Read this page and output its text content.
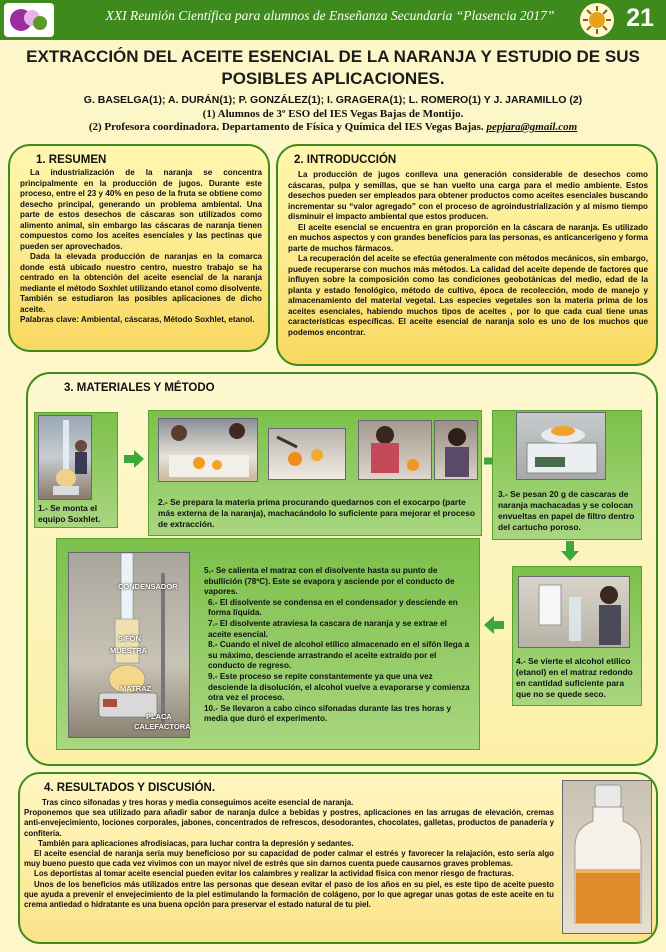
XXI Reunión Científica para alumnos de Enseñanza Secundaria “Plasencia 2017”	21
EXTRACCIÓN DEL ACEITE ESENCIAL DE LA NARANJA Y ESTUDIO DE SUS POSIBLES APLICACIONES.
G. BASELGA(1); A. DURÁN(1); P. GONZÁLEZ(1); I. GRAGERA(1); L. ROMERO(1) Y J. JARAMILLO (2)
(1) Alumnos de 3º ESO del IES Vegas Bajas de Montijo.
(2) Profesora coordinadora. Departamento de Física y Química del IES Vegas Bajas. pepjara@gmail.com
1. RESUMEN

La industrialización de la naranja se concentra principalmente en la producción de jugos. Durante este proceso, entre el 23 y 40% en peso de la fruta se obtiene como desecho principal, generando un problema ambiental. Una parte de estos desechos de cáscaras son utilizados como alimento animal, sin embargo las cáscaras de naranja tienen compuestos como los aceites esenciales y las pectinas que pueden ser aprovechados.

Dada la elevada producción de naranjas en la comarca donde está ubicado nuestro centro, nuestro trabajo se ha centrado en la obtención del aceite esencial de la naranja mediante el método Soxhlet utilizando etanol como disolvente. También se estudiaron las posibles aplicaciones de dicho aceite.

Palabras clave: Ambiental, cáscaras, Método Soxhlet, etanol.

2. INTRODUCCIÓN

La producción de jugos conlleva una generación considerable de desechos como cáscaras, pulpa y semillas, que se han vuelto una carga para el medio ambiente. Estos desechos pueden ser empleados para obtener productos como aceites esenciales buscando incrementar su “valor agregado” con el proceso de agroindustrialización y al mismo tiempo disminuir el impacto ambiental que estos producen.

El aceite esencial se encuentra en gran proporción en la cáscara de naranja. Es utilizado en muchos aspectos y con grandes beneficios para las personas, es anticancerígeno y forma parte de muchos fármacos.

La recuperación del aceite se efectúa generalmente con métodos mecánicos, sin embargo, puede recuperarse con muchos más métodos. La calidad del aceite depende de factores que influyen sobre la composición como las condiciones geobotánicas del medio, edad de la planta y estado fenológico, método de cultivo, época de recolección, modo de manejo y almacenamiento del material vegetal. Las especies vegetales son la materia prima de los aceites esenciales, habiendo muchos tipos de aceites , por lo que cada cual tiene unas características específicas. El aceite esencial de naranja solo es uno de los muchos que podemos encontrar.

3. MATERIALES Y MÉTODO
1.- Se monta el equipo Soxhlet.
2.- Se prepara la materia prima procurando quedarnos con el exocarpo (parte más externa de la naranja), machacándolo lo suficiente para mejorar el proceso de extracción.
3.- Se pesan 20 g de cascaras de naranja machacadas y se colocan envueltas en papel de filtro dentro del cartucho poroso.
4.- Se vierte el alcohol etílico (etanol) en el matraz redondo en cantidad suficiente para que no se quede seco.
CONDENSADOR
SIFÓN
MUESTRA
MATRAZ
PLACA
CALEFACTORA
5.- Se calienta el matraz con el disolvente hasta su punto de ebullición (78ºC). Este se evapora y asciende por el conducto de vapores.
6.- El disolvente se condensa en el condensador y desciende en forma líquida.
7.- El disolvente atraviesa la cascara de naranja y se extrae el aceite esencial.
8.- Cuando el nivel de alcohol etílico almacenado en el sifón llega a su máximo, desciende arrastrando el aceite extraído por el conducto de regreso.
9.- Este proceso se repite constantemente ya que una vez desciende la disolución, el alcohol vuelve a evaporarse y comienza otra vez el proceso.
10.- Se llevaron a cabo cinco sifonadas durante las tres horas y media que duró el experimento.
4. RESULTADOS Y DISCUSIÓN.

Tras cinco sifonadas y tres horas y media conseguimos aceite esencial de naranja.

Proponemos que sea utilizado para añadir sabor de naranja dulce a bebidas y postres, aplicaciones en las arrugas de elevación, cremas anti-envejecimiento, lociones corporales, jabones, concentrados de refrescos, desodorantes, chocolates, galletas, productos de panadería y confitería.

También para aplicaciones afrodisiacas, para luchar contra la depresión y sedantes.

El aceite esencial de naranja sería muy beneficioso por su capacidad de poder calmar el estrés y favorecer la relajación, esto sería algo muy bueno puesto que cada vez vivimos con un mayor nivel de estrés que sin darnos cuenta puede causarnos graves problemas.

Los deportistas al tomar aceite esencial pueden evitar los calambres y realizar la actividad física con menor riesgo de fracturas.

Unos de los beneficios más utilizados entre las personas que desean evitar el paso de los años en su piel, es este tipo de aceite puesto que ayuda a prevenir el envejecimiento de la piel estimulando la formación de colágeno, por lo que agregar unas gotas de este aceite en tu crema antiedad o hidratante es una buena opción para preservar el estado natural de tu piel.
